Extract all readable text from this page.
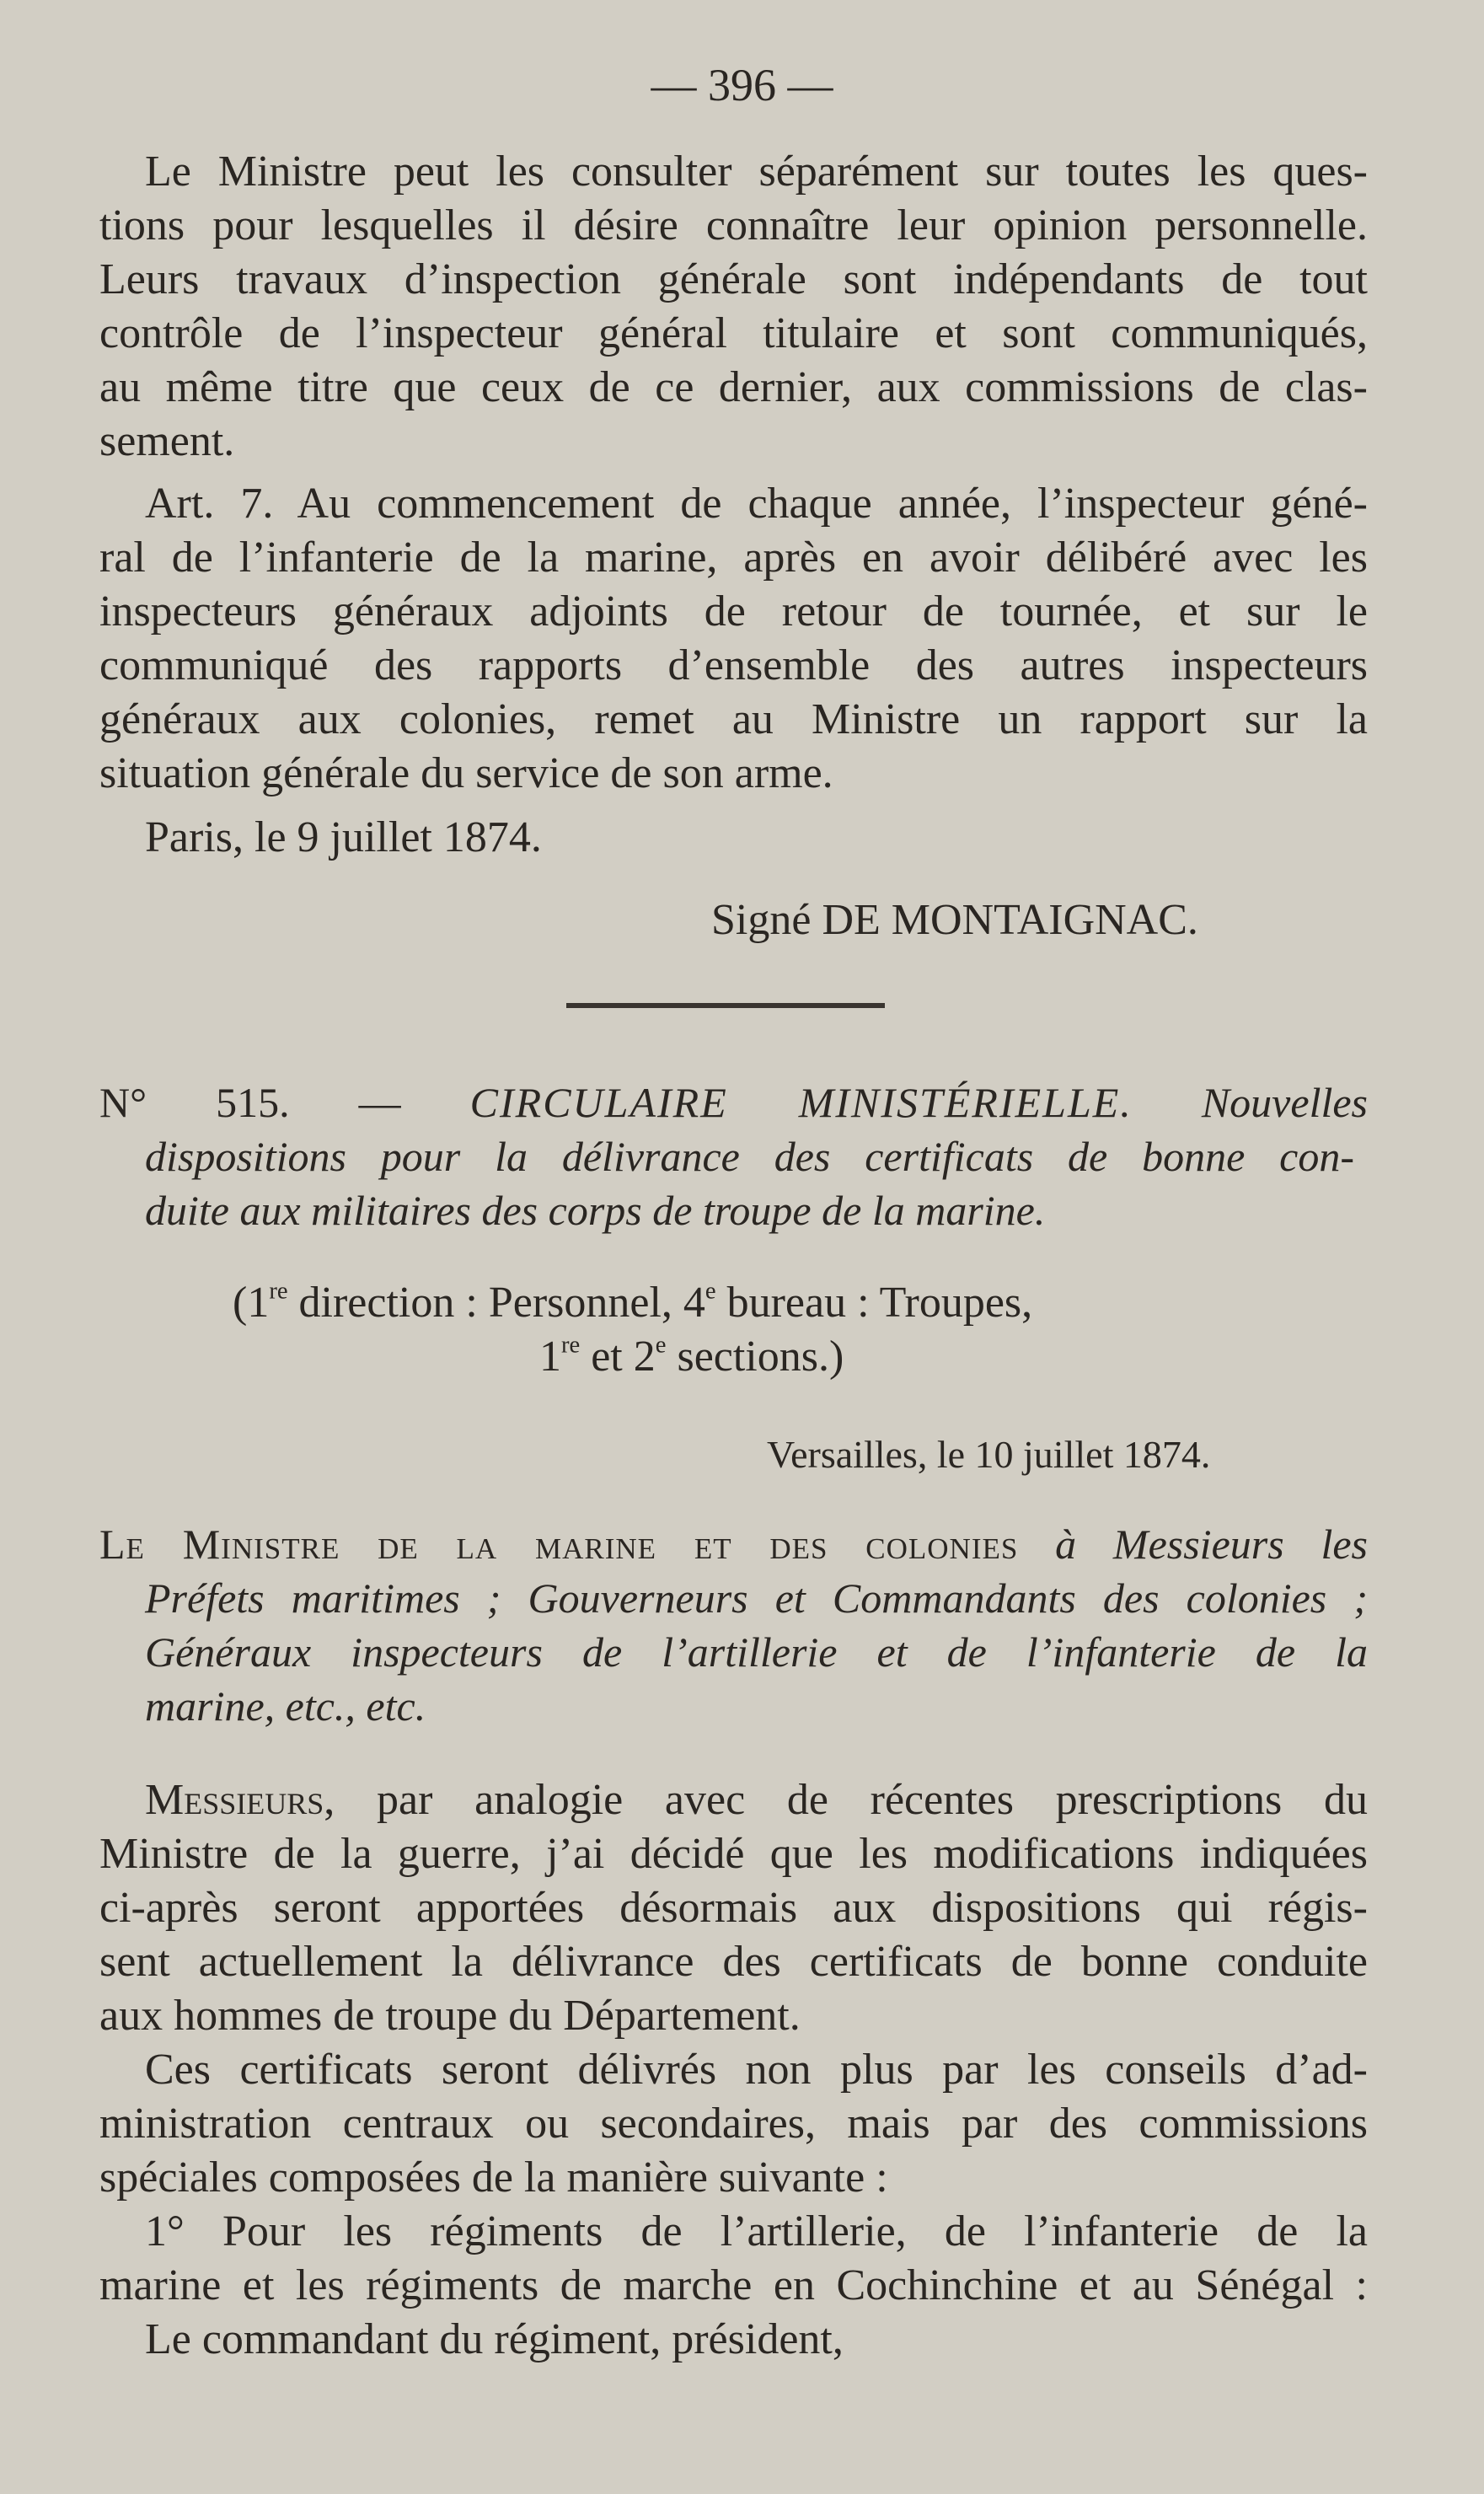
— 396 —
Le Ministre peut les consulter séparément sur toutes les ques-
tions pour lesquelles il désire connaître leur opinion personnelle.
Leurs travaux d’inspection générale sont indépendants de tout
contrôle de l’inspecteur général titulaire et sont communiqués,
au même titre que ceux de ce dernier, aux commissions de clas-
sement.
Art. 7. Au commencement de chaque année, l’inspecteur géné-
ral de l’infanterie de la marine, après en avoir délibéré avec les
inspecteurs généraux adjoints de retour de tournée, et sur le
communiqué des rapports d’ensemble des autres inspecteurs
généraux aux colonies, remet au Ministre un rapport sur la
situation générale du service de son arme.
Paris, le 9 juillet 1874.
Signé DE MONTAIGNAC.
N° 515. — CIRCULAIRE MINISTÉRIELLE. Nouvelles
dispositions pour la délivrance des certificats de bonne con-
duite aux militaires des corps de troupe de la marine.
(1re direction : Personnel, 4e bureau : Troupes,
1re et 2e sections.)
Versailles, le 10 juillet 1874.
Le Ministre de la marine et des colonies à Messieurs les
Préfets maritimes ; Gouverneurs et Commandants des colonies ;
Généraux inspecteurs de l’artillerie et de l’infanterie de la
marine, etc., etc.
Messieurs, par analogie avec de récentes prescriptions du
Ministre de la guerre, j’ai décidé que les modifications indiquées
ci-après seront apportées désormais aux dispositions qui régis-
sent actuellement la délivrance des certificats de bonne conduite
aux hommes de troupe du Département.
Ces certificats seront délivrés non plus par les conseils d’ad-
ministration centraux ou secondaires, mais par des commissions
spéciales composées de la manière suivante :
1° Pour les régiments de l’artillerie, de l’infanterie de la
marine et les régiments de marche en Cochinchine et au Sénégal :
Le commandant du régiment, président,
